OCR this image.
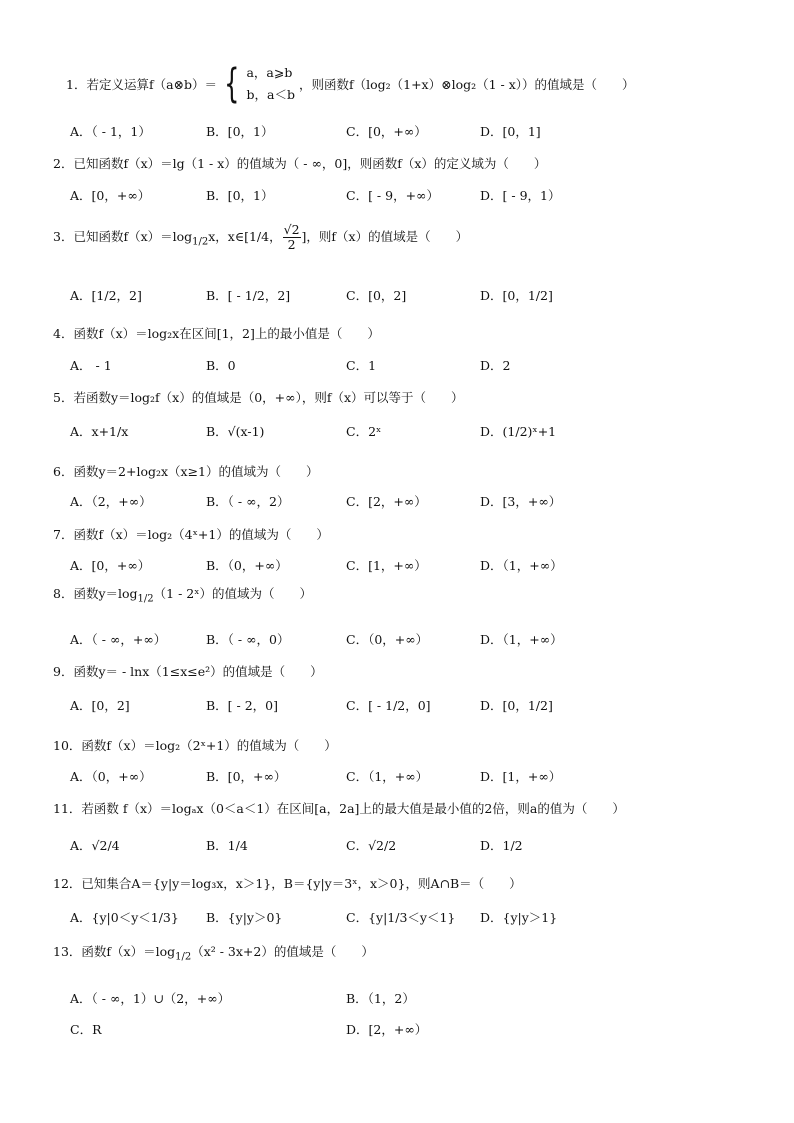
1．若定义运算f（a⊗b）＝ { a，a⩾b
b，a＜b
，则函数f（log₂（1+x）⊗log₂（1 - x））的值域是（　　）
A．（ - 1，1）	B．[0，1）	C．[0，+∞）	D．[0，1]
2．已知函数f（x）＝lg（1 - x）的值域为（ - ∞，0]，则函数f（x）的定义域为（　　）
A．[0，+∞）	B．[0，1）	C．[ - 9，+∞）	D．[ - 9，1）
3．已知函数$f(x)=\log_{1/2}x$，x∈[1/4， $\frac{√2}{2}$ ]，则f（x）的值域是（　　）
A．[1/2，2]	B．[ - 1/2，2]	C．[0，2]	D．[0，1/2]
4．函数f（x）＝log₂x在区间[1，2]上的最小值是（　　）
A． - 1	B．0	C．1	D．2
5．若函数y＝log₂f（x）的值域是（0，+∞），则f（x）可以等于（　　）
A．x+1/x	B．√(x-1)	C．2ˣ	D．(1/2)ˣ+1
6．函数y＝2+log₂x（x≥1）的值域为（　　）
A．（2，+∞）	B．（ - ∞，2）	C．[2，+∞）	D．[3，+∞）
7．函数f（x）＝log₂（4ˣ+1）的值域为（　　）
A．[0，+∞）	B．（0，+∞）	C．[1，+∞）	D．（1，+∞）
8．函数$y=\log_{1/2}(1$ - 2ˣ）的值域为（　　）
A．（ - ∞，+∞）	B．（ - ∞，0）	C．（0，+∞）	D．（1，+∞）
9．函数y＝ - lnx（1≤x≤e²）的值域是（　　）
A．[0，2]	B．[ - 2，0]	C．[ - 1/2，0]	D．[0，1/2]
10．函数f（x）＝log₂（2ˣ+1）的值域为（　　）
A．（0，+∞）	B．[0，+∞）	C．（1，+∞）	D．[1，+∞）
11．若函数 f（x）＝logₐx（0＜a＜1）在区间[a，2a]上的最大值是最小值的2倍，则a的值为（　　）
A．√2/4	B．1/4	C．√2/2	D．1/2
12．已知集合A＝{y|y＝log₃x，x＞1}，B＝{y|y＝3ˣ，x＞0}，则A∩B＝（　　）
A．{y|0＜y＜1/3} B．{y|y＞0}	C．{y|1/3＜y＜1} D．{y|y＞1}
13．函数$f(x)=\log_{1/2}(x^2 - 3x+2)$的值域是（　　）
A．（ - ∞，1）∪（2，+∞）	B．（1，2）
C．R	D．[2，+∞）
